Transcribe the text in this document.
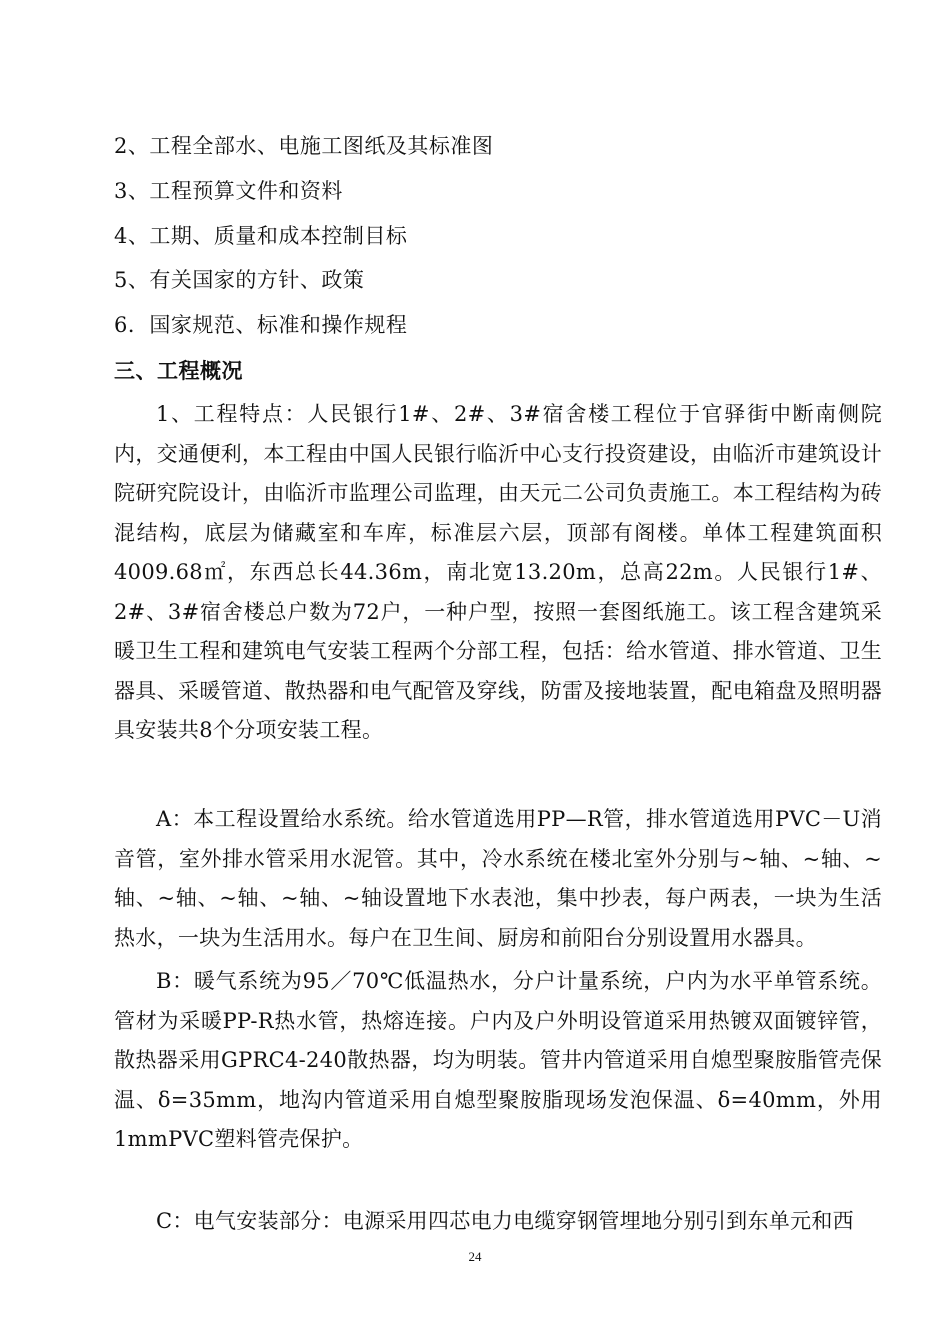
2、工程全部水、电施工图纸及其标准图
3、工程预算文件和资料
4、工期、质量和成本控制目标
5、有关国家的方针、政策
6．国家规范、标准和操作规程
三、工程概况
1、工程特点：人民银行1#、2#、3#宿舍楼工程位于官驿街中断南侧院内，交通便利，本工程由中国人民银行临沂中心支行投资建设，由临沂市建筑设计院研究院设计，由临沂市监理公司监理，由天元二公司负责施工。本工程结构为砖混结构，底层为储藏室和车库，标准层六层，顶部有阁楼。单体工程建筑面积4009.68㎡，东西总长44.36m，南北宽13.20m，总高22m。人民银行1#、2#、3#宿舍楼总户数为72户，一种户型，按照一套图纸施工。该工程含建筑采暖卫生工程和建筑电气安装工程两个分部工程，包括：给水管道、排水管道、卫生器具、采暖管道、散热器和电气配管及穿线，防雷及接地装置，配电箱盘及照明器具安装共8个分项安装工程。
A：本工程设置给水系统。给水管道选用PP—R管，排水管道选用PVC－U消音管，室外排水管采用水泥管。其中，冷水系统在楼北室外分别与~轴、~轴、~轴、~轴、~轴、~轴、~轴设置地下水表池，集中抄表，每户两表，一块为生活热水，一块为生活用水。每户在卫生间、厨房和前阳台分别设置用水器具。
B：暖气系统为95／70℃低温热水，分户计量系统，户内为水平单管系统。管材为采暖PP-R热水管，热熔连接。户内及户外明设管道采用热镀双面镀锌管，散热器采用GPRC4-240散热器，均为明装。管井内管道采用自熄型聚胺脂管壳保温、δ=35mm，地沟内管道采用自熄型聚胺脂现场发泡保温、δ=40mm，外用1mmPVC塑料管壳保护。
C：电气安装部分：电源采用四芯电力电缆穿钢管埋地分别引到东单元和西
24
